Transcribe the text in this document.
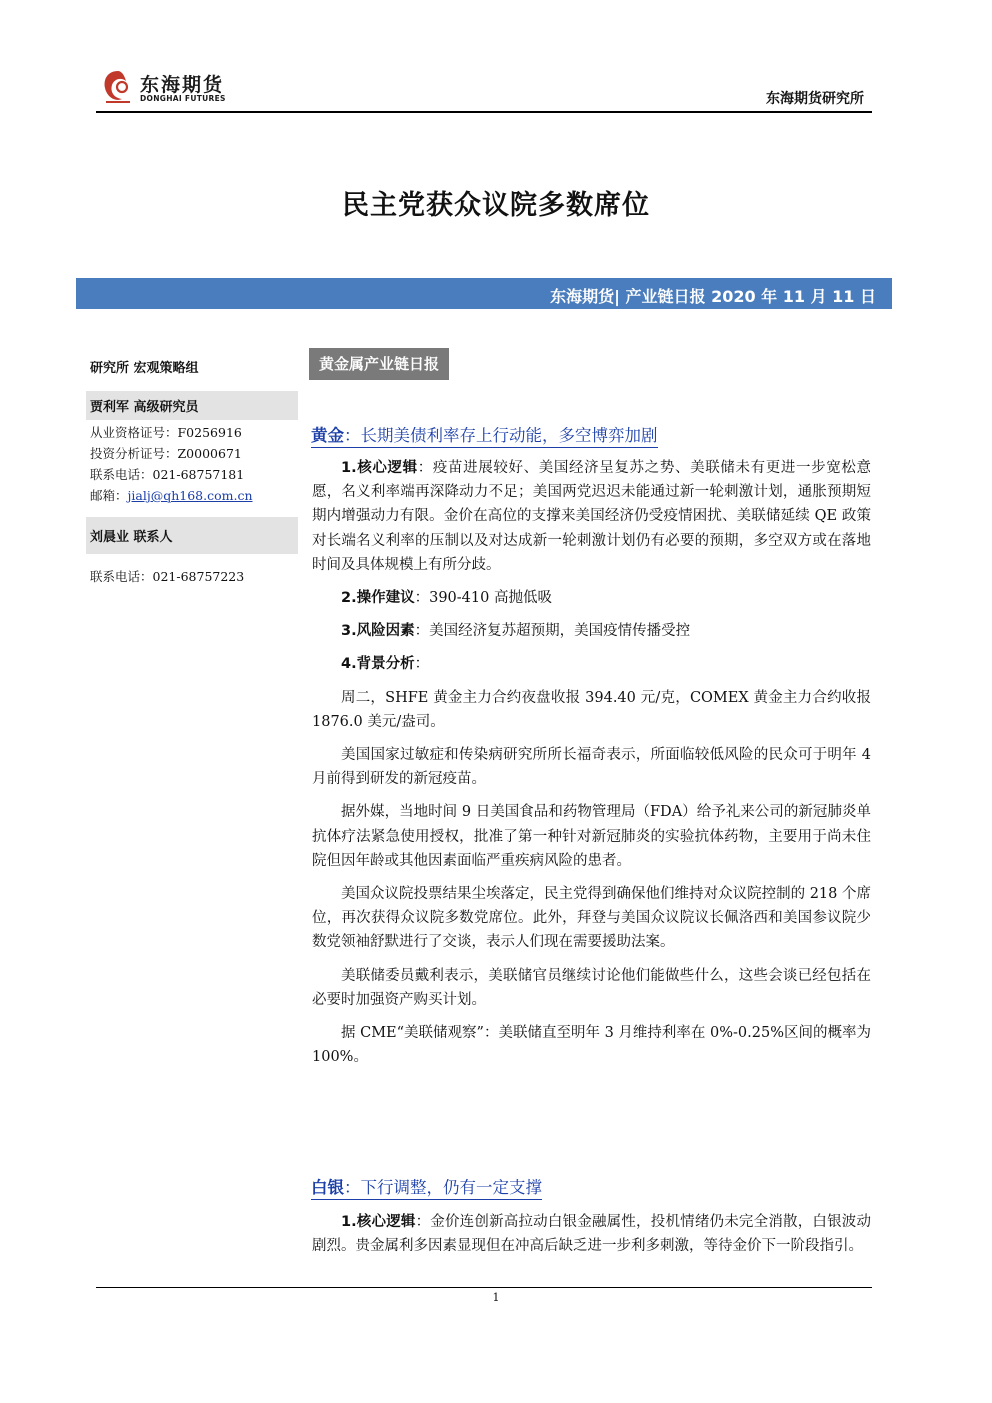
东海期货
DONGHAI FUTURES	东海期货研究所
民主党获众议院多数席位
东海期货| 产业链日报 2020 年 11 月 11 日
研究所 宏观策略组
贾利军 高级研究员
从业资格证号：F0256916
投资分析证号：Z0000671
联系电话：021-68757181
邮箱：jialj@qh168.com.cn
刘晨业 联系人
联系电话：021-68757223
黄金属产业链日报
黄金：长期美债利率存上行动能，多空博弈加剧

1.核心逻辑：疫苗进展较好、美国经济呈复苏之势、美联储未有更进一步宽松意愿，名义利率端再深降动力不足；美国两党迟迟未能通过新一轮刺激计划，通胀预期短期内增强动力有限。金价在高位的支撑来美国经济仍受疫情困扰、美联储延续 QE 政策对长端名义利率的压制以及对达成新一轮刺激计划仍有必要的预期，多空双方或在落地时间及具体规模上有所分歧。

2.操作建议：390-410 高抛低吸

3.风险因素：美国经济复苏超预期，美国疫情传播受控

4.背景分析：

周二，SHFE 黄金主力合约夜盘收报 394.40 元/克，COMEX 黄金主力合约收报 1876.0 美元/盎司。

美国国家过敏症和传染病研究所所长福奇表示，所面临较低风险的民众可于明年 4 月前得到研发的新冠疫苗。

据外媒，当地时间 9 日美国食品和药物管理局（FDA）给予礼来公司的新冠肺炎单抗体疗法紧急使用授权，批准了第一种针对新冠肺炎的实验抗体药物，主要用于尚未住院但因年龄或其他因素面临严重疾病风险的患者。

美国众议院投票结果尘埃落定，民主党得到确保他们维持对众议院控制的 218 个席位，再次获得众议院多数党席位。此外，拜登与美国众议院议长佩洛西和美国参议院少数党领袖舒默进行了交谈，表示人们现在需要援助法案。

美联储委员戴利表示，美联储官员继续讨论他们能做些什么，这些会谈已经包括在必要时加强资产购买计划。

据 CME“美联储观察”：美联储直至明年 3 月维持利率在 0%-0.25%区间的概率为 100%。

白银：下行调整，仍有一定支撑

1.核心逻辑：金价连创新高拉动白银金融属性，投机情绪仍未完全消散，白银波动剧烈。贵金属利多因素显现但在冲高后缺乏进一步利多刺激，等待金价下一阶段指引。

1
